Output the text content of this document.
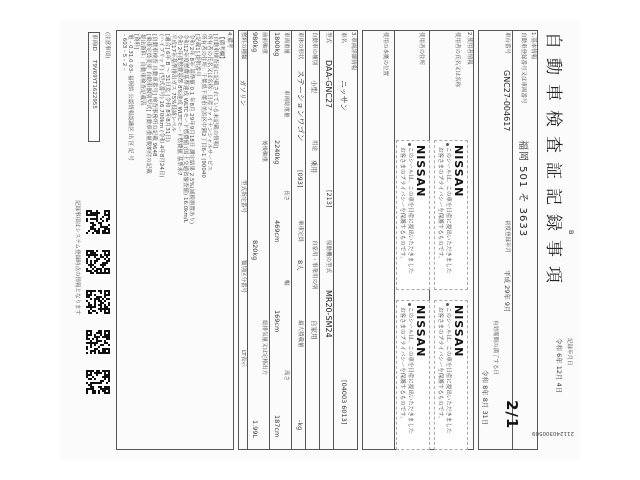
B
自動車検査証記録事項
記録年月日
令和 6年 12月 4日
2112403005​09
1.基本情報
自動車登録番号又は車両番号
福岡 501 そ 3633
車台番号
GNC27-004617
初度登録年月
平成 29年 9月
有効期間の満了する日
令和 8年 8月 31日
2.使用者情報
使用者の氏名又は名称
使用者の住所
使用の本拠の位置
NISSAN
このシールは、この車を日産に提出いただきました
お客さまのプライバシーを保護するものです。
NISSAN
このシールは、この車を日産に提出いただきました
お客さまのプライバシーを保護するものです。
NISSAN
このシールは、この車を日産に提出いただきました
お客さまのプライバシーを保護するものです。
NISSAN
このシールは、この車を日産に提出いただきました
お客さまのプライバシーを保護するものです。
3.車両詳細情報
車名
ニッサン
[04003 6013]
型式
DAA-GNC27
[213]
原動機の型式
MR20-SM24
自動車の種別
小型
用途
乗用
自家用・事業用の別
自家用
車体の形状
ステーションワゴン
[093]
乗車定員
8人
最大積載量
-kg
車両重量
1800kg
車両総重量
2240kg
長さ
469cm
幅
169cm
高さ
187cm
前前軸重
980kg
後後軸重
820kg
総排気量又は定格出力
1.99L
燃料の種類
ガソリン
型式指定番号
類別区分番号
LT表示
4.備考
【備考欄】
[自動車検査証に記載されている未記載の情報]
所有者の氏名又は名称：日産ファイナンシャルサービス
所有者の住所：千葉県千葉市美浜区中瀬2丁目6-1 (90040
[記載1] 提供番号
令和 2年 8年 基準値 0.1 年8月 29年9月18日 測定結果 2.5%(減税措置あり)
令和12年度燃費基準達成 WLTCモード燃費値 (国土交通省審査値) 16.0km/L
令和 2年度燃費基準 8%達成 WLTCモード燃費値 基準米7
平成17年基準排出ガス 75%低減レベル
[適合] 6年 B ～ 31日迄 (令和 8年8月31日)
(ハイブリッド) (型式番号) 16.700km (令和 4年8月24日)
[自動車検査 自動車番号] 検査事務所の記載 9648
[乗車定員変更 自動車個別型式] 自動車重量税納付の記載
提出資料：自動車検査記載表
[資料]
電 - 0.31.0 03- 福岡県 公認情報認識区 出 区 記 号
- 603 - 5 - 2 -
(注意事項)
車両ID
T9V69YT1622955
記録事項はシステム登録時点の情報となります
2/1
